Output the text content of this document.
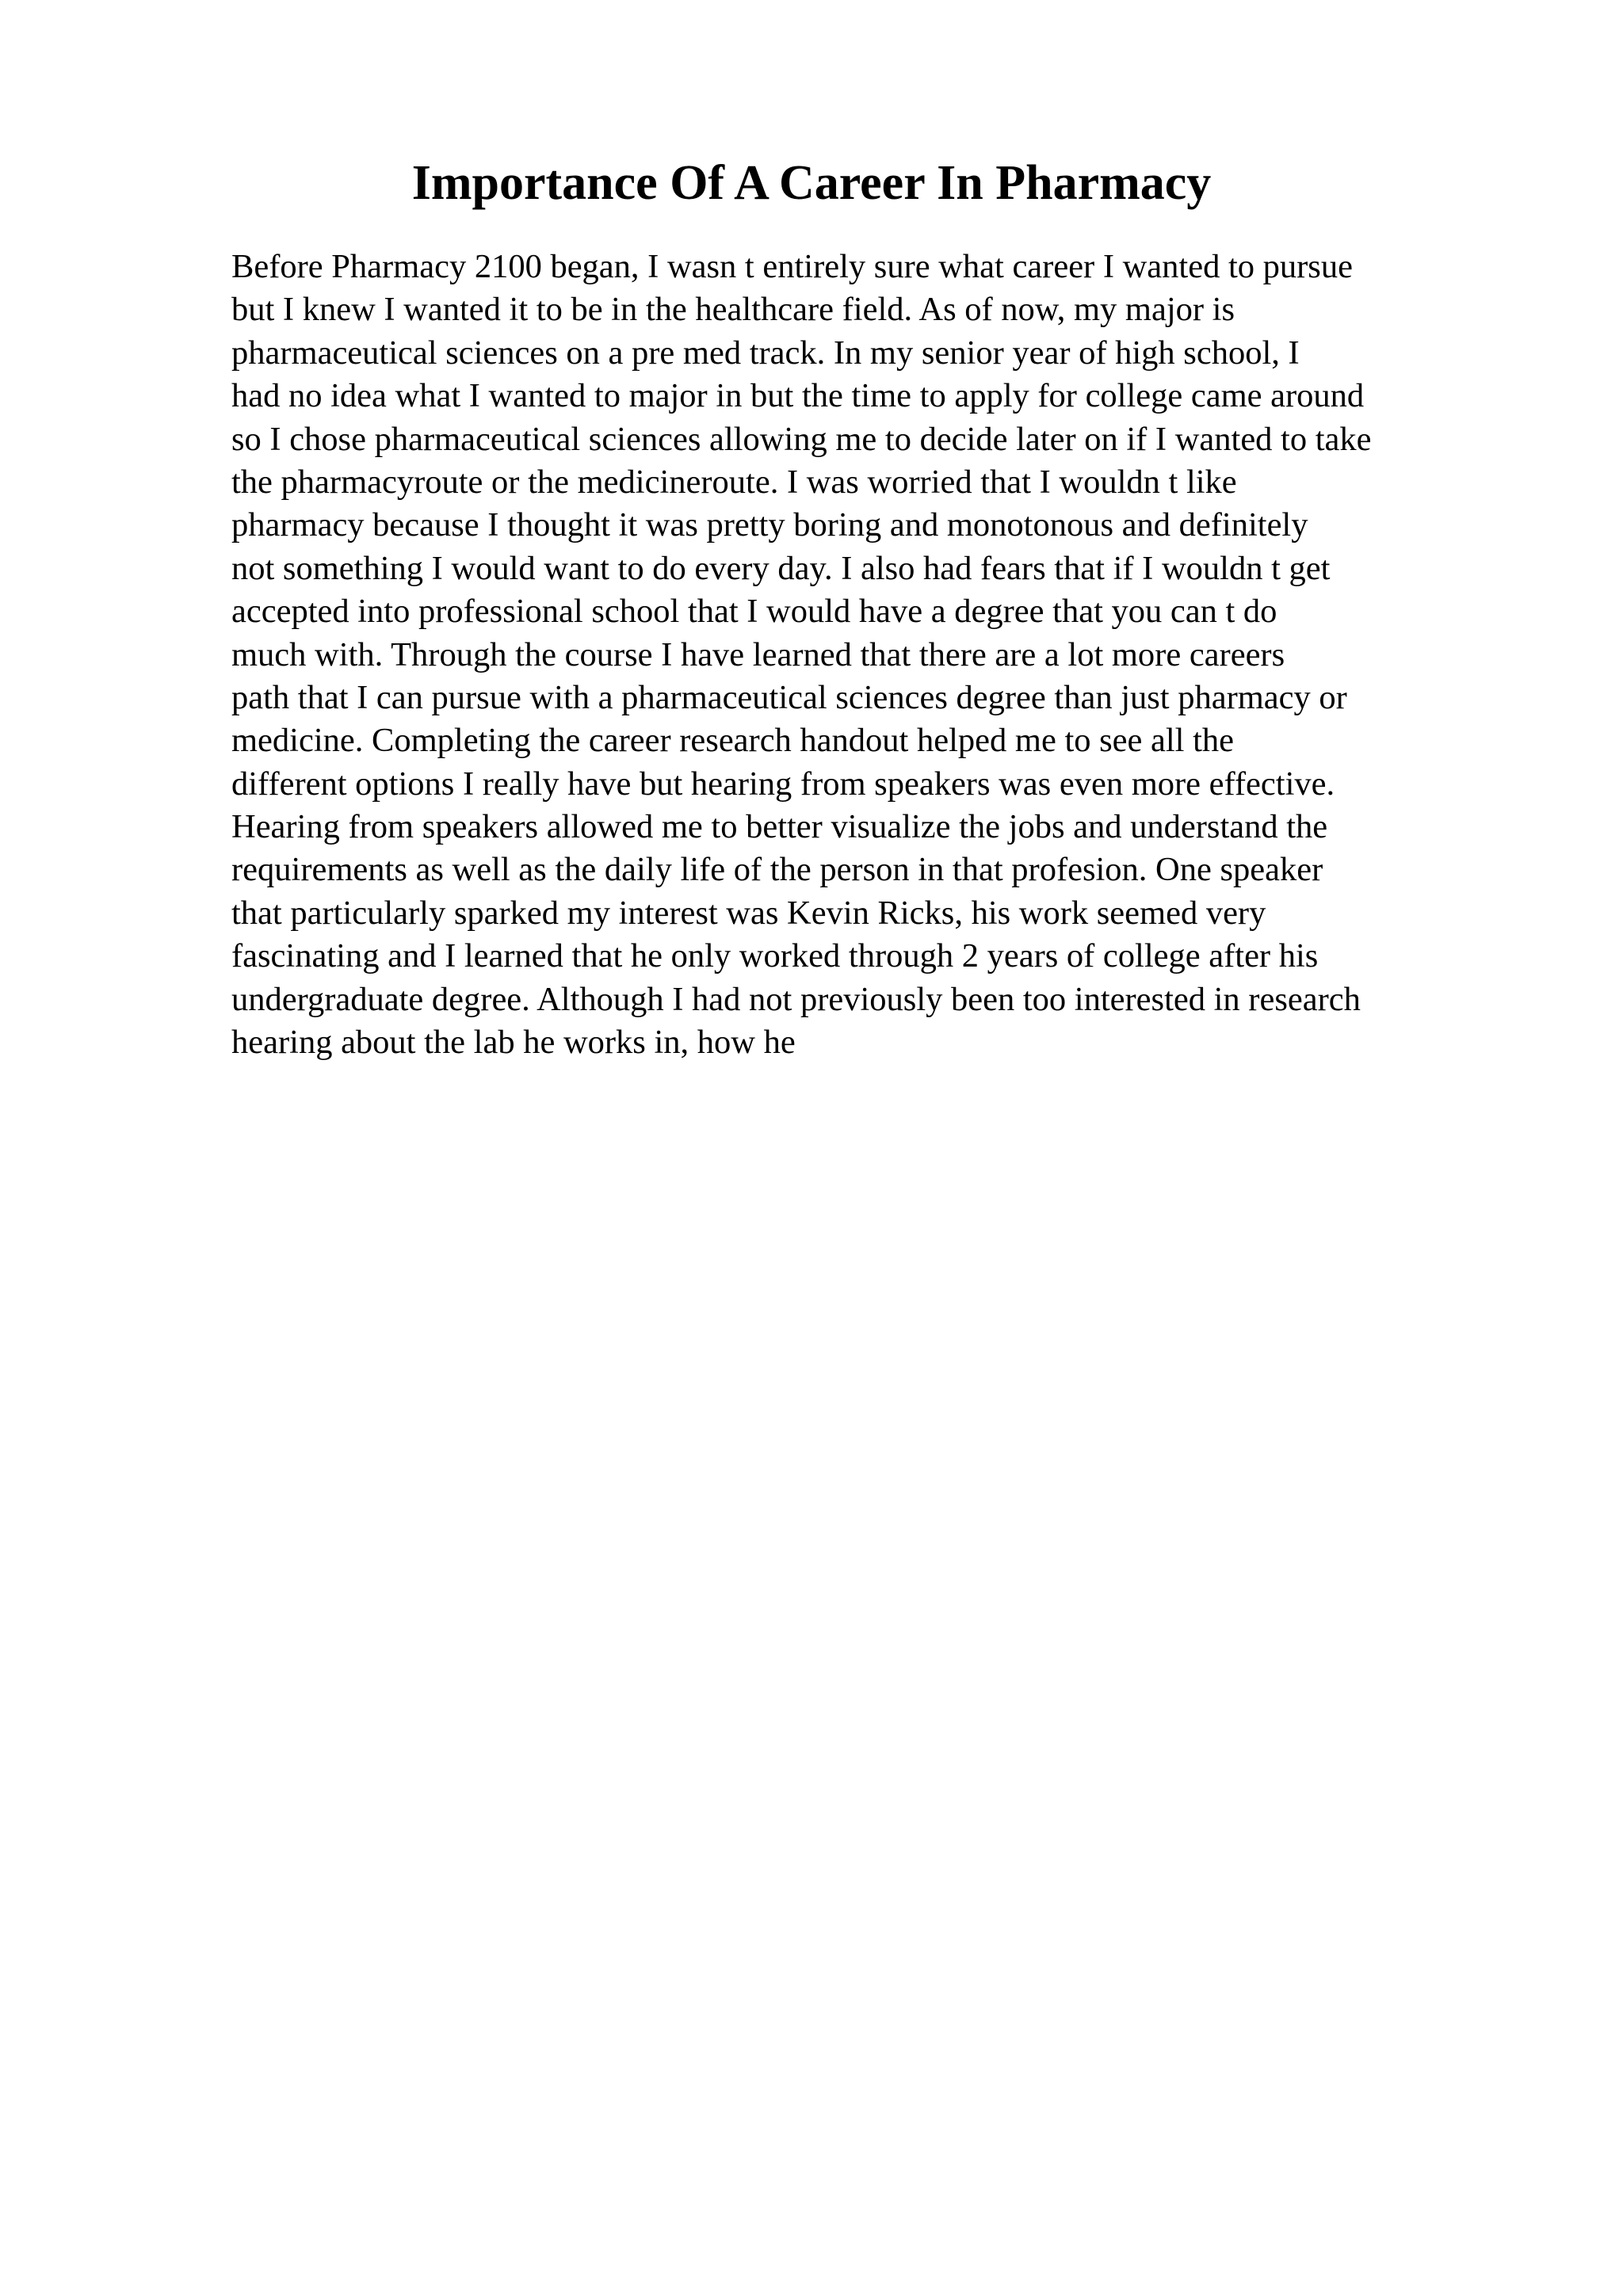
Importance Of A Career In Pharmacy
Before Pharmacy 2100 began, I wasn t entirely sure what career I wanted to pursue
but I knew I wanted it to be in the healthcare field. As of now, my major is
pharmaceutical sciences on a pre med track. In my senior year of high school, I
had no idea what I wanted to major in but the time to apply for college came around
so I chose pharmaceutical sciences allowing me to decide later on if I wanted to take
the pharmacyroute or the medicineroute. I was worried that I wouldn t like
pharmacy because I thought it was pretty boring and monotonous and definitely
not something I would want to do every day. I also had fears that if I wouldn t get
accepted into professional school that I would have a degree that you can t do
much with. Through the course I have learned that there are a lot more careers
path that I can pursue with a pharmaceutical sciences degree than just pharmacy or
medicine. Completing the career research handout helped me to see all the
different options I really have but hearing from speakers was even more effective.
Hearing from speakers allowed me to better visualize the jobs and understand the
requirements as well as the daily life of the person in that profesion. One speaker
that particularly sparked my interest was Kevin Ricks, his work seemed very
fascinating and I learned that he only worked through 2 years of college after his
undergraduate degree. Although I had not previously been too interested in research
hearing about the lab he works in, how he
